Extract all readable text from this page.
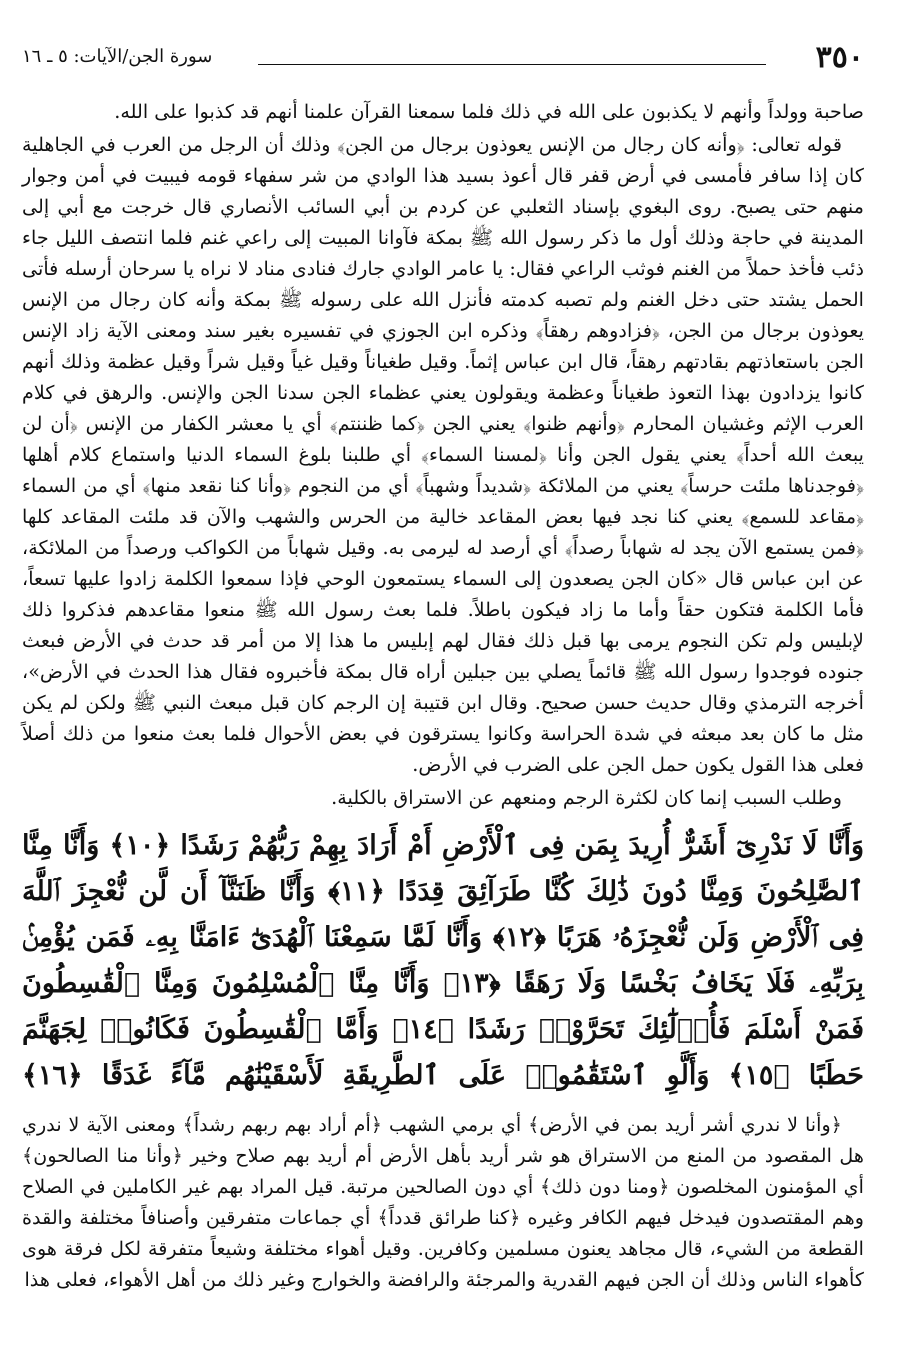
٣٥٠
سورة الجن/الآيات: ٥ ـ ١٦

صاحبة وولداً وأنهم لا يكذبون على الله في ذلك فلما سمعنا القرآن علمنا أنهم قد كذبوا على الله.

قوله تعالى: ﴿وأنه كان رجال من الإنس يعوذون برجال من الجن﴾ وذلك أن الرجل من العرب في الجاهلية كان إذا سافر فأمسى في أرض قفر قال أعوذ بسيد هذا الوادي من شر سفهاء قومه فيبيت في أمن وجوار منهم حتى يصبح. روى البغوي بإسناد الثعلبي عن كردم بن أبي السائب الأنصاري قال خرجت مع أبي إلى المدينة في حاجة وذلك أول ما ذكر رسول الله ﷺ بمكة فآوانا المبيت إلى راعي غنم فلما انتصف الليل جاء ذئب فأخذ حملاً من الغنم فوثب الراعي فقال: يا عامر الوادي جارك فنادى مناد لا نراه يا سرحان أرسله فأتى الحمل يشتد حتى دخل الغنم ولم تصبه كدمته فأنزل الله على رسوله ﷺ بمكة وأنه كان رجال من الإنس يعوذون برجال من الجن، ﴿فزادوهم رهقاً﴾ وذكره ابن الجوزي في تفسيره بغير سند ومعنى الآية زاد الإنس الجن باستعاذتهم بقادتهم رهقاً، قال ابن عباس إثماً. وقيل طغياناً وقيل غياً وقيل شراً وقيل عظمة وذلك أنهم كانوا يزدادون بهذا التعوذ طغياناً وعظمة ويقولون يعني عظماء الجن سدنا الجن والإنس. والرهق في كلام العرب الإثم وغشيان المحارم ﴿وأنهم ظنوا﴾ يعني الجن ﴿كما ظننتم﴾ أي يا معشر الكفار من الإنس ﴿أن لن يبعث الله أحداً﴾ يعني يقول الجن وأنا ﴿لمسنا السماء﴾ أي طلبنا بلوغ السماء الدنيا واستماع كلام أهلها ﴿فوجدناها ملئت حرساً﴾ يعني من الملائكة ﴿شديداً وشهباً﴾ أي من النجوم ﴿وأنا كنا نقعد منها﴾ أي من السماء ﴿مقاعد للسمع﴾ يعني كنا نجد فيها بعض المقاعد خالية من الحرس والشهب والآن قد ملئت المقاعد كلها ﴿فمن يستمع الآن يجد له شهاباً رصداً﴾ أي أرصد له ليرمى به. وقيل شهاباً من الكواكب ورصداً من الملائكة، عن ابن عباس قال «كان الجن يصعدون إلى السماء يستمعون الوحي فإذا سمعوا الكلمة زادوا عليها تسعاً، فأما الكلمة فتكون حقاً وأما ما زاد فيكون باطلاً. فلما بعث رسول الله ﷺ منعوا مقاعدهم فذكروا ذلك لإبليس ولم تكن النجوم يرمى بها قبل ذلك فقال لهم إبليس ما هذا إلا من أمر قد حدث في الأرض فبعث جنوده فوجدوا رسول الله ﷺ قائماً يصلي بين جبلين أراه قال بمكة فأخبروه فقال هذا الحدث في الأرض»، أخرجه الترمذي وقال حديث حسن صحيح. وقال ابن قتيبة إن الرجم كان قبل مبعث النبي ﷺ ولكن لم يكن مثل ما كان بعد مبعثه في شدة الحراسة وكانوا يسترقون في بعض الأحوال فلما بعث منعوا من ذلك أصلاً فعلى هذا القول يكون حمل الجن على الضرب في الأرض.

وطلب السبب إنما كان لكثرة الرجم ومنعهم عن الاستراق بالكلية.

وَأَنَّا لَا نَدْرِىٓ أَشَرٌّ أُرِيدَ بِمَن فِى ٱلْأَرْضِ أَمْ أَرَادَ بِهِمْ رَبُّهُمْ رَشَدًا ﴿١٠﴾ وَأَنَّا مِنَّا ٱلصَّٰلِحُونَ وَمِنَّا دُونَ ذَٰلِكَ كُنَّا طَرَآئِقَ قِدَدًا ﴿١١﴾ وَأَنَّا ظَنَنَّآ أَن لَّن نُّعْجِزَ ٱللَّهَ فِى ٱلْأَرْضِ وَلَن نُّعْجِزَهُۥ هَرَبًا ﴿١٢﴾ وَأَنَّا لَمَّا سَمِعْنَا ٱلْهُدَىٰٓ ءَامَنَّا بِهِۦ فَمَن يُؤْمِنۢ بِرَبِّهِۦ فَلَا يَخَافُ بَخْسًا وَلَا رَهَقًا ﴿١٣﴾ وَأَنَّا مِنَّا ٱلْمُسْلِمُونَ وَمِنَّا ٱلْقَٰسِطُونَ فَمَنْ أَسْلَمَ فَأُو۟لَٰٓئِكَ تَحَرَّوْا۟ رَشَدًا ﴿١٤﴾ وَأَمَّا ٱلْقَٰسِطُونَ فَكَانُوا۟ لِجَهَنَّمَ حَطَبًا ﴿١٥﴾ وَأَلَّوِ ٱسْتَقَٰمُوا۟ عَلَى ٱلطَّرِيقَةِ لَأَسْقَيْنَٰهُم مَّآءً غَدَقًا ﴿١٦﴾

﴿وأنا لا ندري أشر أريد بمن في الأرض﴾ أي برمي الشهب ﴿أم أراد بهم ربهم رشداً﴾ ومعنى الآية لا ندري هل المقصود من المنع من الاستراق هو شر أريد بأهل الأرض أم أريد بهم صلاح وخير ﴿وأنا منا الصالحون﴾ أي المؤمنون المخلصون ﴿ومنا دون ذلك﴾ أي دون الصالحين مرتبة. قيل المراد بهم غير الكاملين في الصلاح وهم المقتصدون فيدخل فيهم الكافر وغيره ﴿كنا طرائق قدداً﴾ أي جماعات متفرقين وأصنافاً مختلفة والقدة القطعة من الشيء، قال مجاهد يعنون مسلمين وكافرين. وقيل أهواء مختلفة وشيعاً متفرقة لكل فرقة هوى كأهواء الناس وذلك أن الجن فيهم القدرية والمرجئة والرافضة والخوارج وغير ذلك من أهل الأهواء، فعلى هذا
